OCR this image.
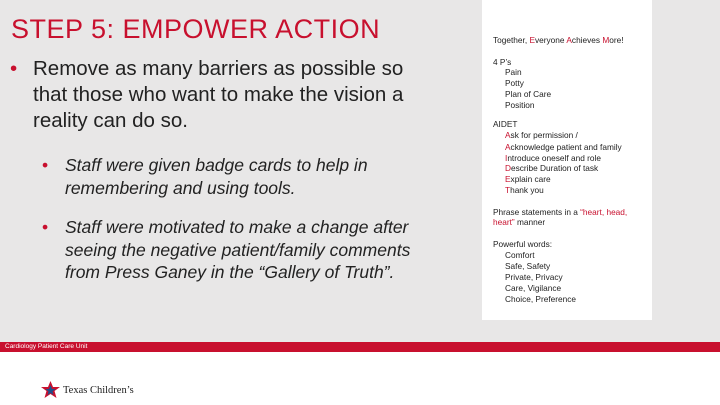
STEP 5: EMPOWER ACTION
• Remove as many barriers as possible so that those who want to make the vision a reality can do so.
• Staff were given badge cards to help in remembering and using tools.
• Staff were motivated to make a change after seeing the negative patient/family comments from Press Ganey in the “Gallery of Truth”.
Together, Everyone Achieves More!
4 P’s
Pain
Potty
Plan of Care
Position
AIDET
Ask for permission /
Acknowledge patient and family
Introduce oneself and role
Describe Duration of task
Explain care
Thank you
Phrase statements in a “heart, head,
heart” manner
Powerful words:
Comfort
Safe, Safety
Private, Privacy
Care, Vigilance
Choice, Preference
Cardiology Patient Care Unit
Texas Children’s
